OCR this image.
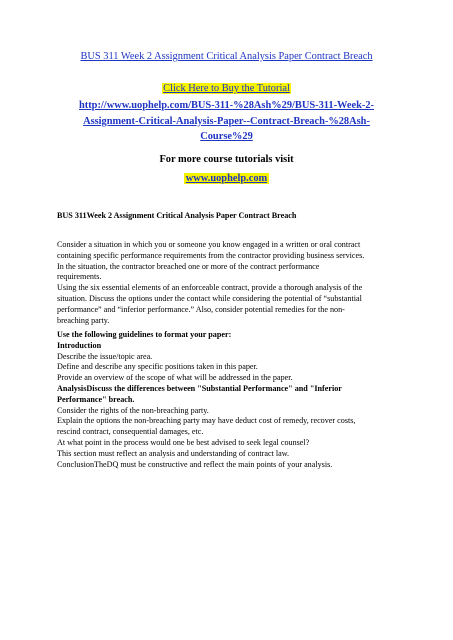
BUS 311 Week 2 Assignment Critical Analysis Paper Contract Breach
Click Here to Buy the Tutorial
http://www.uophelp.com/BUS-311-%28Ash%29/BUS-311-Week-2-
Assignment-Critical-Analysis-Paper--Contract-Breach-%28Ash-
Course%29
For more course tutorials visit
www.uophelp.com
BUS 311Week 2 Assignment Critical Analysis Paper Contract Breach
Consider a situation in which you or someone you know engaged in a written or oral contract
containing specific performance requirements from the contractor providing business services.
In the situation, the contractor breached one or more of the contract performance
requirements.
Using the six essential elements of an enforceable contract, provide a thorough analysis of the
situation. Discuss the options under the contact while considering the potential of “substantial
performance” and “inferior performance.” Also, consider potential remedies for the non-
breaching party.
Use the following guidelines to format your paper:
Introduction
Describe the issue/topic area.
Define and describe any specific positions taken in this paper.
Provide an overview of the scope of what will be addressed in the paper.
AnalysisDiscuss the differences between "Substantial Performance" and "Inferior
Performance" breach.
Consider the rights of the non-breaching party.
Explain the options the non-breaching party may have deduct cost of remedy, recover costs,
rescind contract, consequential damages, etc.
At what point in the process would one be best advised to seek legal counsel?
This section must reflect an analysis and understanding of contract law.
ConclusionTheDQ must be constructive and reflect the main points of your analysis.
